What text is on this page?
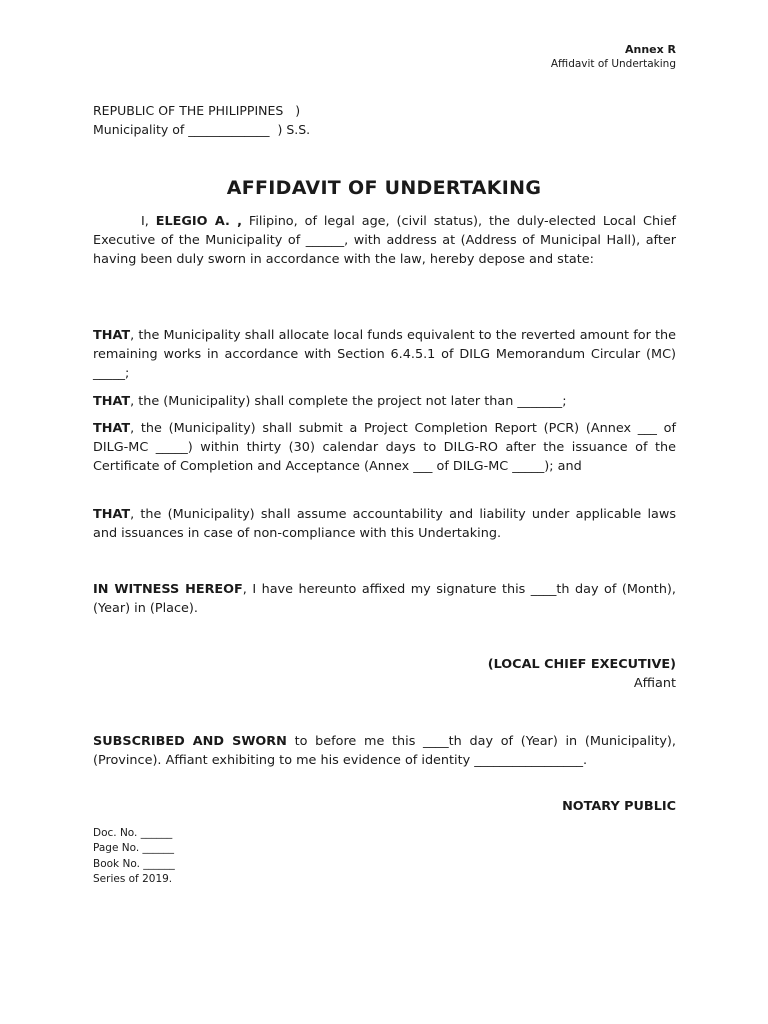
Annex R
Affidavit of Undertaking
REPUBLIC OF THE PHILIPPINES   )
Municipality of _____________  ) S.S.
AFFIDAVIT OF UNDERTAKING
I, ELEGIO A. , Filipino, of legal age, (civil status), the duly-elected Local Chief Executive of the Municipality of ______, with address at (Address of Municipal Hall), after having been duly sworn in accordance with the law, hereby depose and state:
THAT, the Municipality shall allocate local funds equivalent to the reverted amount for the remaining works in accordance with Section 6.4.5.1 of DILG Memorandum Circular (MC) _____;
THAT, the (Municipality) shall complete the project not later than _______;
THAT, the (Municipality) shall submit a Project Completion Report (PCR) (Annex ___ of DILG-MC _____) within thirty (30) calendar days to DILG-RO after the issuance of the Certificate of Completion and Acceptance (Annex ___ of DILG-MC _____); and
THAT, the (Municipality) shall assume accountability and liability under applicable laws and issuances in case of non-compliance with this Undertaking.
IN WITNESS HEREOF, I have hereunto affixed my signature this ____th day of (Month), (Year) in (Place).
(LOCAL CHIEF EXECUTIVE)
Affiant
SUBSCRIBED AND SWORN to before me this ____th day of (Year) in (Municipality), (Province). Affiant exhibiting to me his evidence of identity _________________.
NOTARY PUBLIC
Doc. No. ______
Page No. ______
Book No. ______
Series of 2019.
